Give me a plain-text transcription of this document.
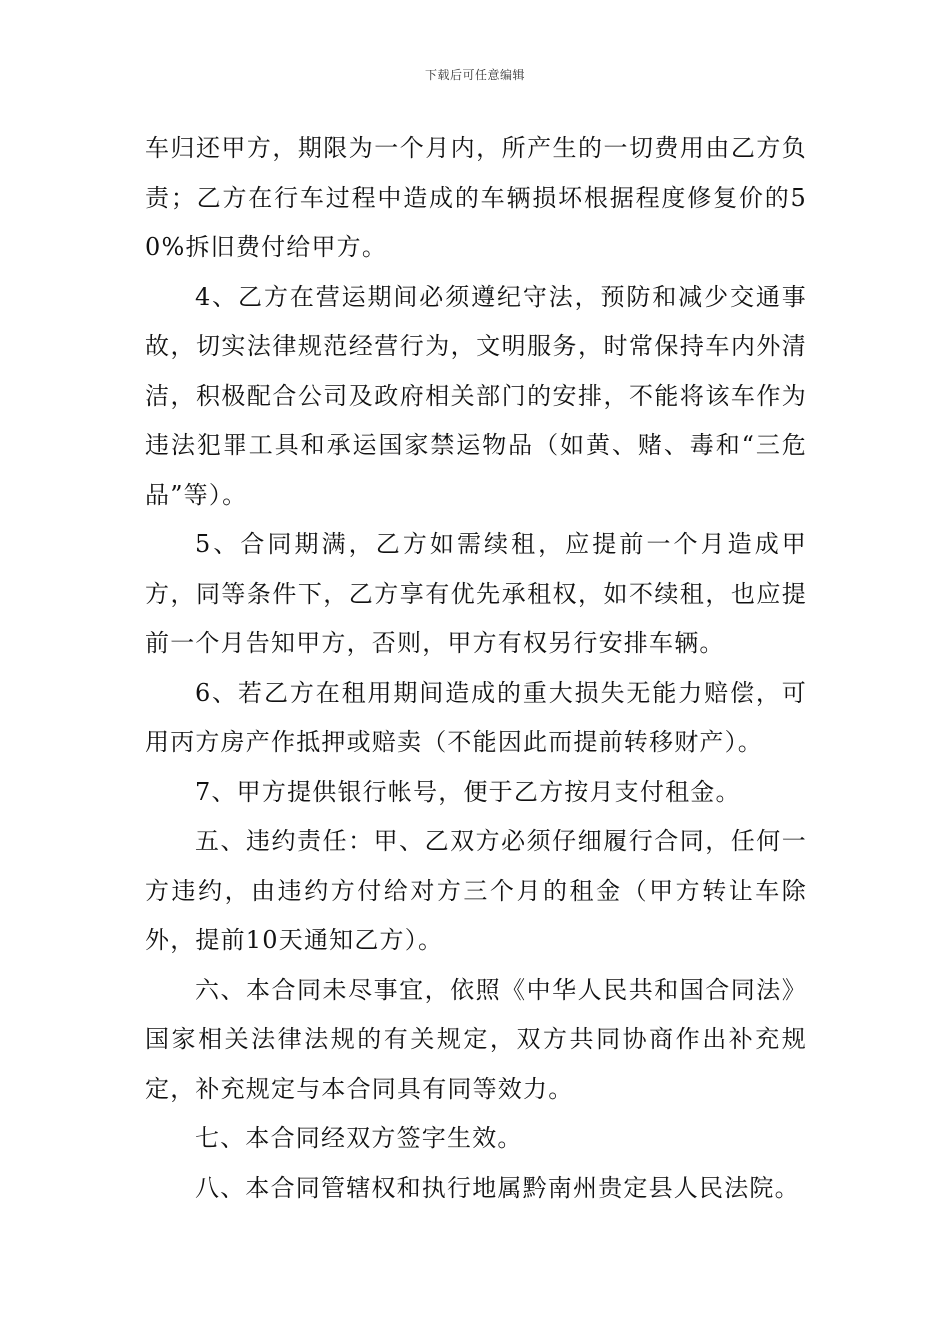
下载后可任意编辑

车归还甲方，期限为一个月内，所产生的一切费用由乙方负责；乙方在行车过程中造成的车辆损坏根据程度修复价的50%拆旧费付给甲方。

4、乙方在营运期间必须遵纪守法，预防和减少交通事故，切实法律规范经营行为，文明服务，时常保持车内外清洁，积极配合公司及政府相关部门的安排，不能将该车作为违法犯罪工具和承运国家禁运物品（如黄、赌、毒和“三危品”等）。

5、合同期满，乙方如需续租，应提前一个月造成甲方，同等条件下，乙方享有优先承租权，如不续租，也应提前一个月告知甲方，否则，甲方有权另行安排车辆。

6、若乙方在租用期间造成的重大损失无能力赔偿，可用丙方房产作抵押或赔卖（不能因此而提前转移财产）。

7、甲方提供银行帐号，便于乙方按月支付租金。

五、违约责任：甲、乙双方必须仔细履行合同，任何一方违约，由违约方付给对方三个月的租金（甲方转让车除外，提前10天通知乙方）。

六、本合同未尽事宜，依照《中华人民共和国合同法》国家相关法律法规的有关规定，双方共同协商作出补充规定，补充规定与本合同具有同等效力。

七、本合同经双方签字生效。

八、本合同管辖权和执行地属黔南州贵定县人民法院。
